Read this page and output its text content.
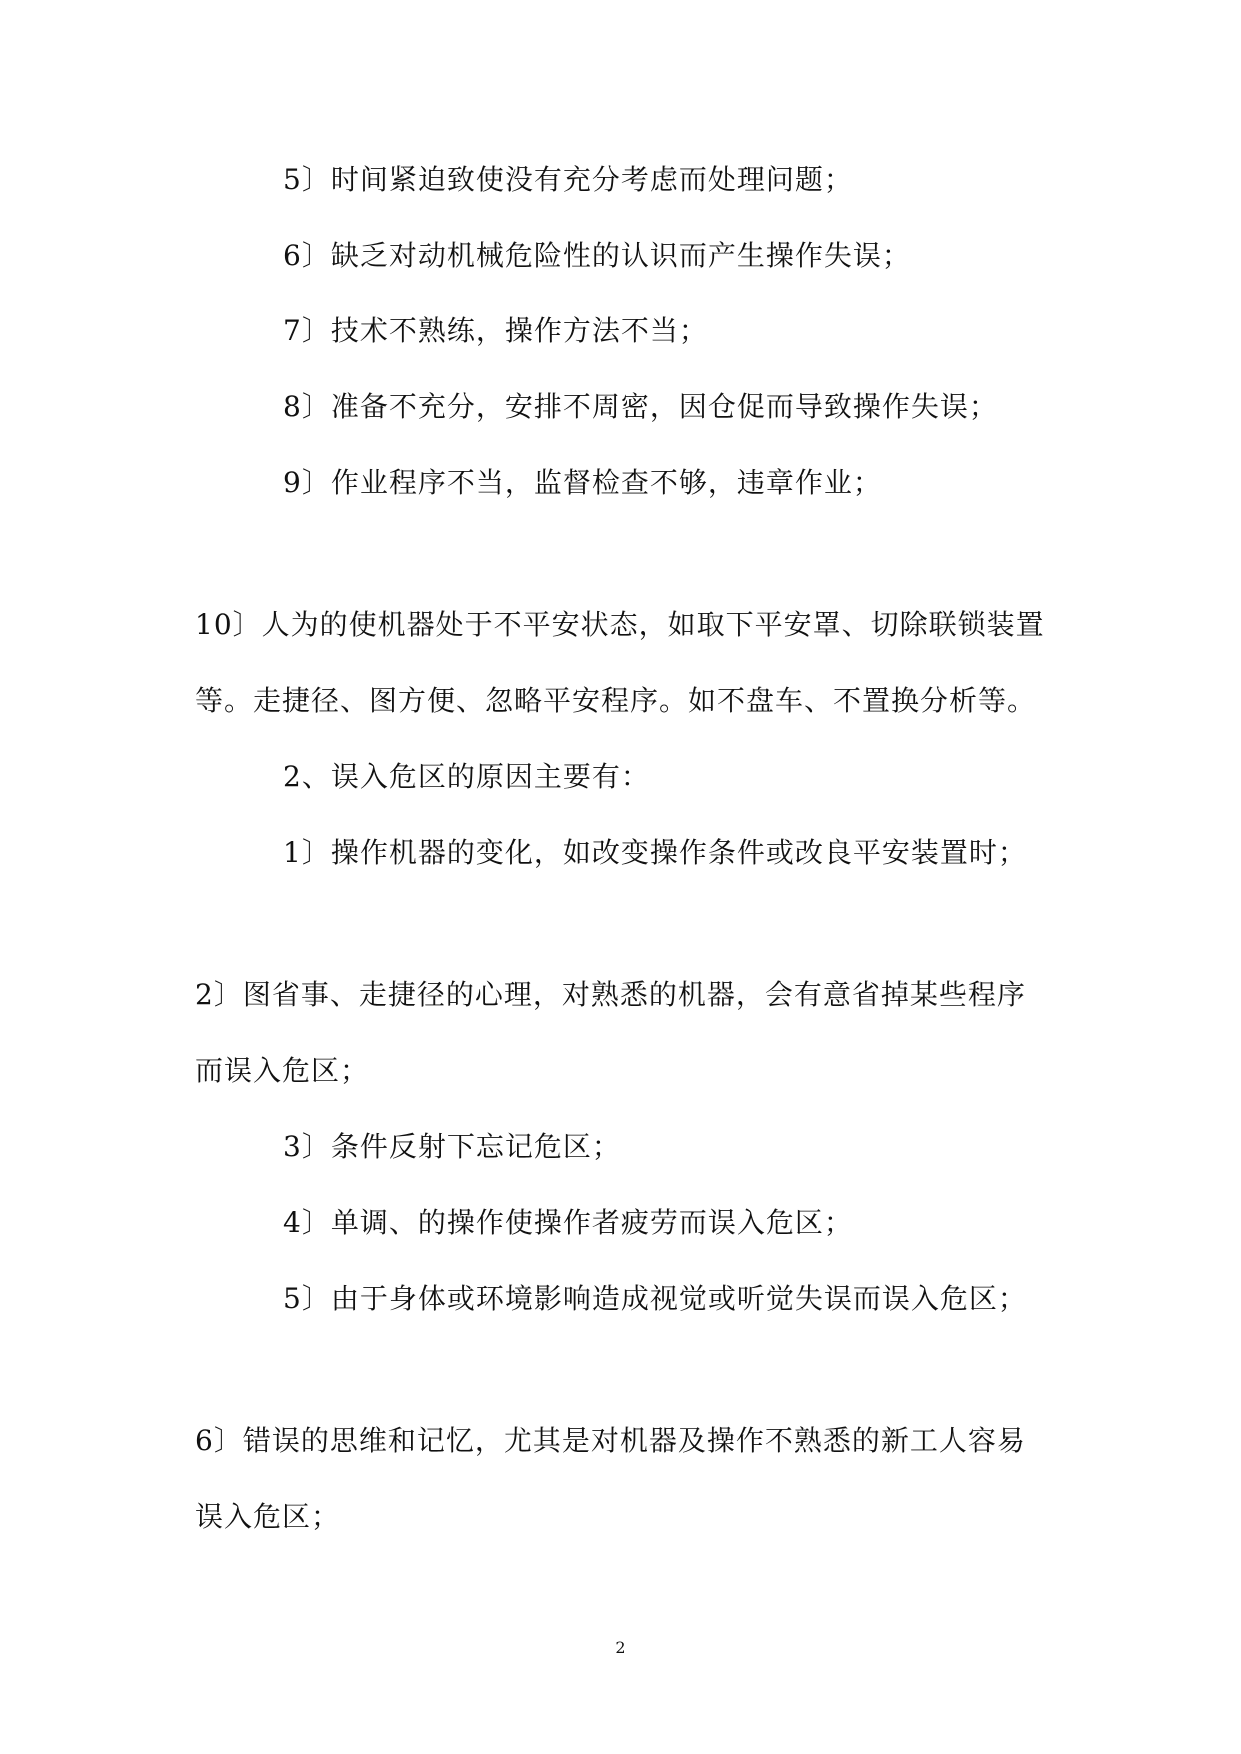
5〕时间紧迫致使没有充分考虑而处理问题；
6〕缺乏对动机械危险性的认识而产生操作失误；
7〕技术不熟练，操作方法不当；
8〕准备不充分，安排不周密，因仓促而导致操作失误；
9〕作业程序不当，监督检查不够，违章作业；
10〕人为的使机器处于不平安状态，如取下平安罩、切除联锁装置
等。走捷径、图方便、忽略平安程序。如不盘车、不置换分析等。
2、误入危区的原因主要有：
1〕操作机器的变化，如改变操作条件或改良平安装置时；
2〕图省事、走捷径的心理，对熟悉的机器，会有意省掉某些程序
而误入危区；
3〕条件反射下忘记危区；
4〕单调、的操作使操作者疲劳而误入危区；
5〕由于身体或环境影响造成视觉或听觉失误而误入危区；
6〕错误的思维和记忆，尤其是对机器及操作不熟悉的新工人容易
误入危区；
2
